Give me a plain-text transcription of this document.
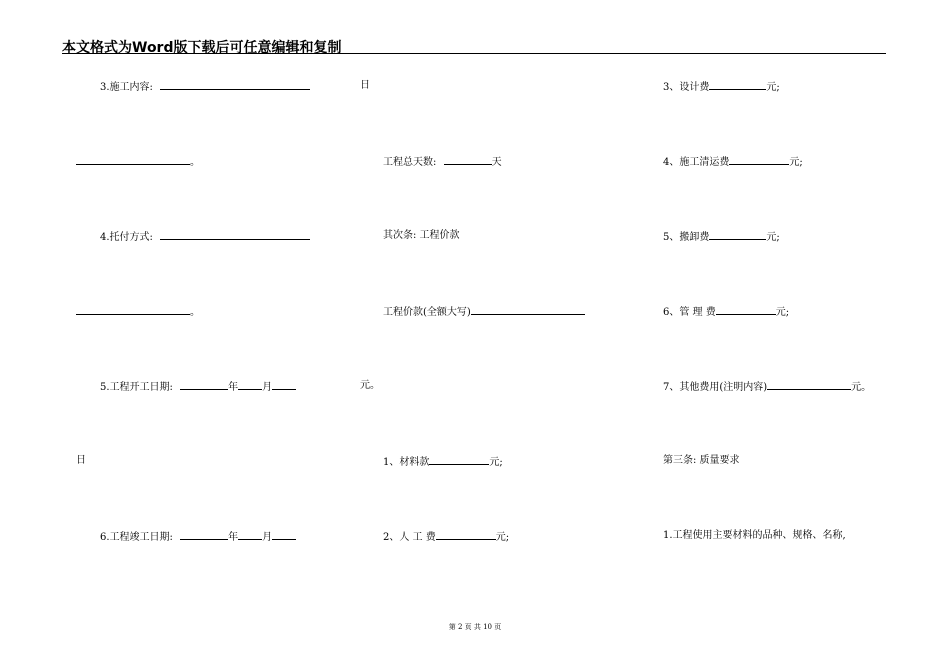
本文格式为Word版下载后可任意编辑和复制
3.施工内容:
。
4.托付方式:
。
5.工程开工日期:	年 月
日
6.工程竣工日期:	年 月
日
工程总天数:	天
其次条: 工程价款
工程价款(全额大写)
元。
1、材料款	元;
2、人 工 费	元;
3、设计费	元;
4、施工清运费	元;
5、搬卸费	元;
6、管 理 费	元;
7、其他费用(注明内容)	元。
第三条: 质量要求
1.工程使用主要材料的品种、规格、名称,
第 2 页 共 10 页
